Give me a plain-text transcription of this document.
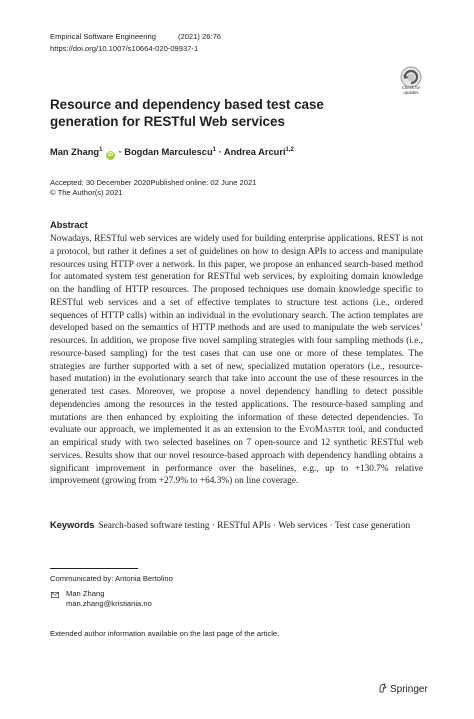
Empirical Software Engineering	(2021) 26:76
https://doi.org/10.1007/s10664-020-09937-1
Check for
updates
Resource and dependency based test case generation for RESTful Web services
Man Zhang$^1$ iD · Bogdan Marculescu$^1$ · Andrea Arcuri$^{1,2}$
Accepted: 30 December 2020Published online: 02 June 2021
© The Author(s) 2021
Abstract
Nowadays, RESTful web services are widely used for building enterprise applications. REST is not a protocol, but rather it defines a set of guidelines on how to design APIs to access and manipulate resources using HTTP over a network. In this paper, we propose an enhanced search-based method for automated system test generation for RESTful web services, by exploiting domain knowledge on the handling of HTTP resources. The proposed techniques use domain knowledge specific to RESTful web services and a set of effective templates to structure test actions (i.e., ordered sequences of HTTP calls) within an individual in the evolutionary search. The action templates are developed based on the semantics of HTTP methods and are used to manipulate the web services’ resources. In addition, we propose five novel sampling strategies with four sampling methods (i.e., resource-based sampling) for the test cases that can use one or more of these templates. The strategies are further supported with a set of new, specialized mutation operators (i.e., resource-based mutation) in the evolutionary search that take into account the use of these resources in the generated test cases. Moreover, we propose a novel dependency handling to detect possible dependencies among the resources in the tested applications. The resource-based sampling and mutations are then enhanced by exploiting the information of these detected dependencies. To evaluate our approach, we implemented it as an extension to the EvoMaster tool, and conducted an empirical study with two selected baselines on 7 open-source and 12 synthetic RESTful web services. Results show that our novel resource-based approach with dependency handling obtains a significant improvement in performance over the baselines, e.g., up to +130.7% relative improvement (growing from +27.9% to +64.3%) on line coverage.
Keywords Search-based software testing · RESTful APIs · Web services · Test case generation
Communicated by: Antonia Bertolino
Man Zhang
man.zhang@kristiania.no
Extended author information available on the last page of the article.
Springer
